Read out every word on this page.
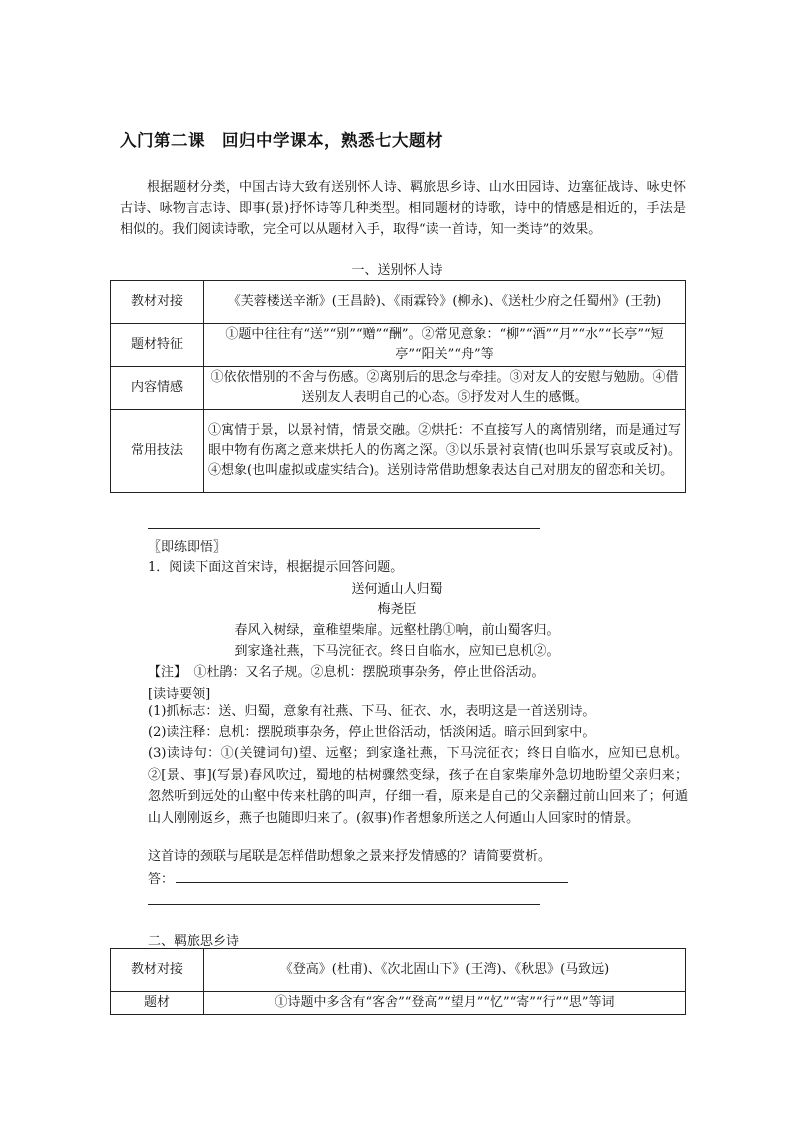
入门第二课　回归中学课本，熟悉七大题材
根据题材分类，中国古诗大致有送别怀人诗、羁旅思乡诗、山水田园诗、边塞征战诗、咏史怀古诗、咏物言志诗、即事(景)抒怀诗等几种类型。相同题材的诗歌，诗中的情感是相近的，手法是相似的。我们阅读诗歌，完全可以从题材入手，取得“读一首诗，知一类诗”的效果。
一、送别怀人诗
教材对接	《芙蓉楼送辛渐》(王昌龄)、《雨霖铃》(柳永)、《送杜少府之任蜀州》(王勃)
题材特征	①题中往往有“送”“别”“赠”“酬”。②常见意象：“柳”“酒”“月”“水”“长亭”“短亭”“阳关”“舟”等
内容情感	①依依惜别的不舍与伤感。②离别后的思念与牵挂。③对友人的安慰与勉励。④借送别友人表明自己的心态。⑤抒发对人生的感慨。
常用技法	①寓情于景，以景衬情，情景交融。②烘托：不直接写人的离情别绪，而是通过写眼中物有伤离之意来烘托人的伤离之深。③以乐景衬哀情(也叫乐景写哀或反衬)。④想象(也叫虚拟或虚实结合)。送别诗常借助想象表达自己对朋友的留恋和关切。
〖即练即悟〗
1．阅读下面这首宋诗，根据提示回答问题。
送何遁山人归蜀
梅尧臣
春风入树绿，童稚望柴扉。远壑杜鹃①响，前山蜀客归。
到家逢社燕，下马浣征衣。终日自临水，应知已息机②。
【注】　①杜鹃：又名子规。②息机：摆脱琐事杂务，停止世俗活动。
[读诗要领]
(1)抓标志：送、归蜀，意象有社燕、下马、征衣、水，表明这是一首送别诗。
(2)读注释：息机：摆脱琐事杂务，停止世俗活动，恬淡闲适。暗示回到家中。
(3)读诗句：①(关键词句)望、远壑；到家逢社燕，下马浣征衣；终日自临水，应知已息机。②[景、事](写景)春风吹过，蜀地的枯树骤然变绿，孩子在自家柴扉外急切地盼望父亲归来；忽然听到远处的山壑中传来杜鹃的叫声，仔细一看，原来是自己的父亲翻过前山回来了；何遁山人刚刚返乡，燕子也随即归来了。(叙事)作者想象所送之人何遁山人回家时的情景。
这首诗的颈联与尾联是怎样借助想象之景来抒发情感的？请简要赏析。
答：
二、羁旅思乡诗
教材对接	《登高》(杜甫)、《次北固山下》(王湾)、《秋思》(马致远)
题材	①诗题中多含有“客舍”“登高”“望月”“忆”“寄”“行”“思”等词
